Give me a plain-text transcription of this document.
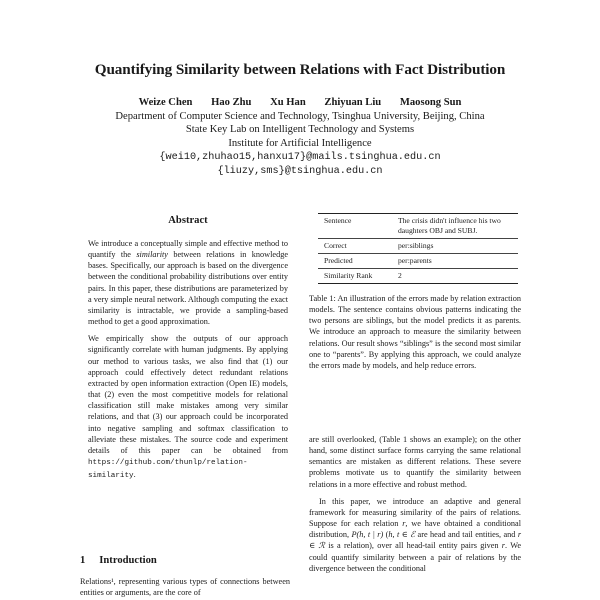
Quantifying Similarity between Relations with Fact Distribution
Weize Chen Hao Zhu Xu Han Zhiyuan Liu Maosong Sun
Department of Computer Science and Technology, Tsinghua University, Beijing, China
State Key Lab on Intelligent Technology and Systems
Institute for Artificial Intelligence
{wei10,zhuhao15,hanxu17}@mails.tsinghua.edu.cn
{liuzy,sms}@tsinghua.edu.cn
Abstract

We introduce a conceptually simple and effective method to quantify the similarity between relations in knowledge bases. Specifically, our approach is based on the divergence between the conditional probability distributions over entity pairs. In this paper, these distributions are parameterized by a very simple neural network. Although computing the exact similarity is intractable, we provide a sampling-based method to get a good approximation.

We empirically show the outputs of our approach significantly correlate with human judgments. By applying our method to various tasks, we also find that (1) our approach could effectively detect redundant relations extracted by open information extraction (Open IE) models, that (2) even the most competitive models for relational classification still make mistakes among very similar relations, and that (3) our approach could be incorporated into negative sampling and softmax classification to alleviate these mistakes. The source code and experiment details of this paper can be obtained from https://github.com/thunlp/relation-similarity.

1 Introduction
Relations¹, representing various types of connections between entities or arguments, are the core of
Sentence	The crisis didn't influence his two daughters OBJ and SUBJ.
Correct	per:siblings
Predicted	per:parents
Similarity Rank	2
Table 1: An illustration of the errors made by relation extraction models. The sentence contains obvious patterns indicating the two persons are siblings, but the model predicts it as parents. We introduce an approach to measure the similarity between relations. Our result shows “siblings” is the second most similar one to “parents”. By applying this approach, we could analyze the errors made by models, and help reduce errors.

are still overlooked, (Table 1 shows an example); on the other hand, some distinct surface forms carrying the same relational semantics are mistaken as different relations. These severe problems motivate us to quantify the similarity between relations in a more effective and robust method.

In this paper, we introduce an adaptive and general framework for measuring similarity of the pairs of relations. Suppose for each relation r, we have obtained a conditional distribution, P(h, t | r) (h, t ∈ ℰ are head and tail entities, and r ∈ ℛ is a relation), over all head-tail entity pairs given r. We could quantify similarity between a pair of relations by the divergence between the conditional
